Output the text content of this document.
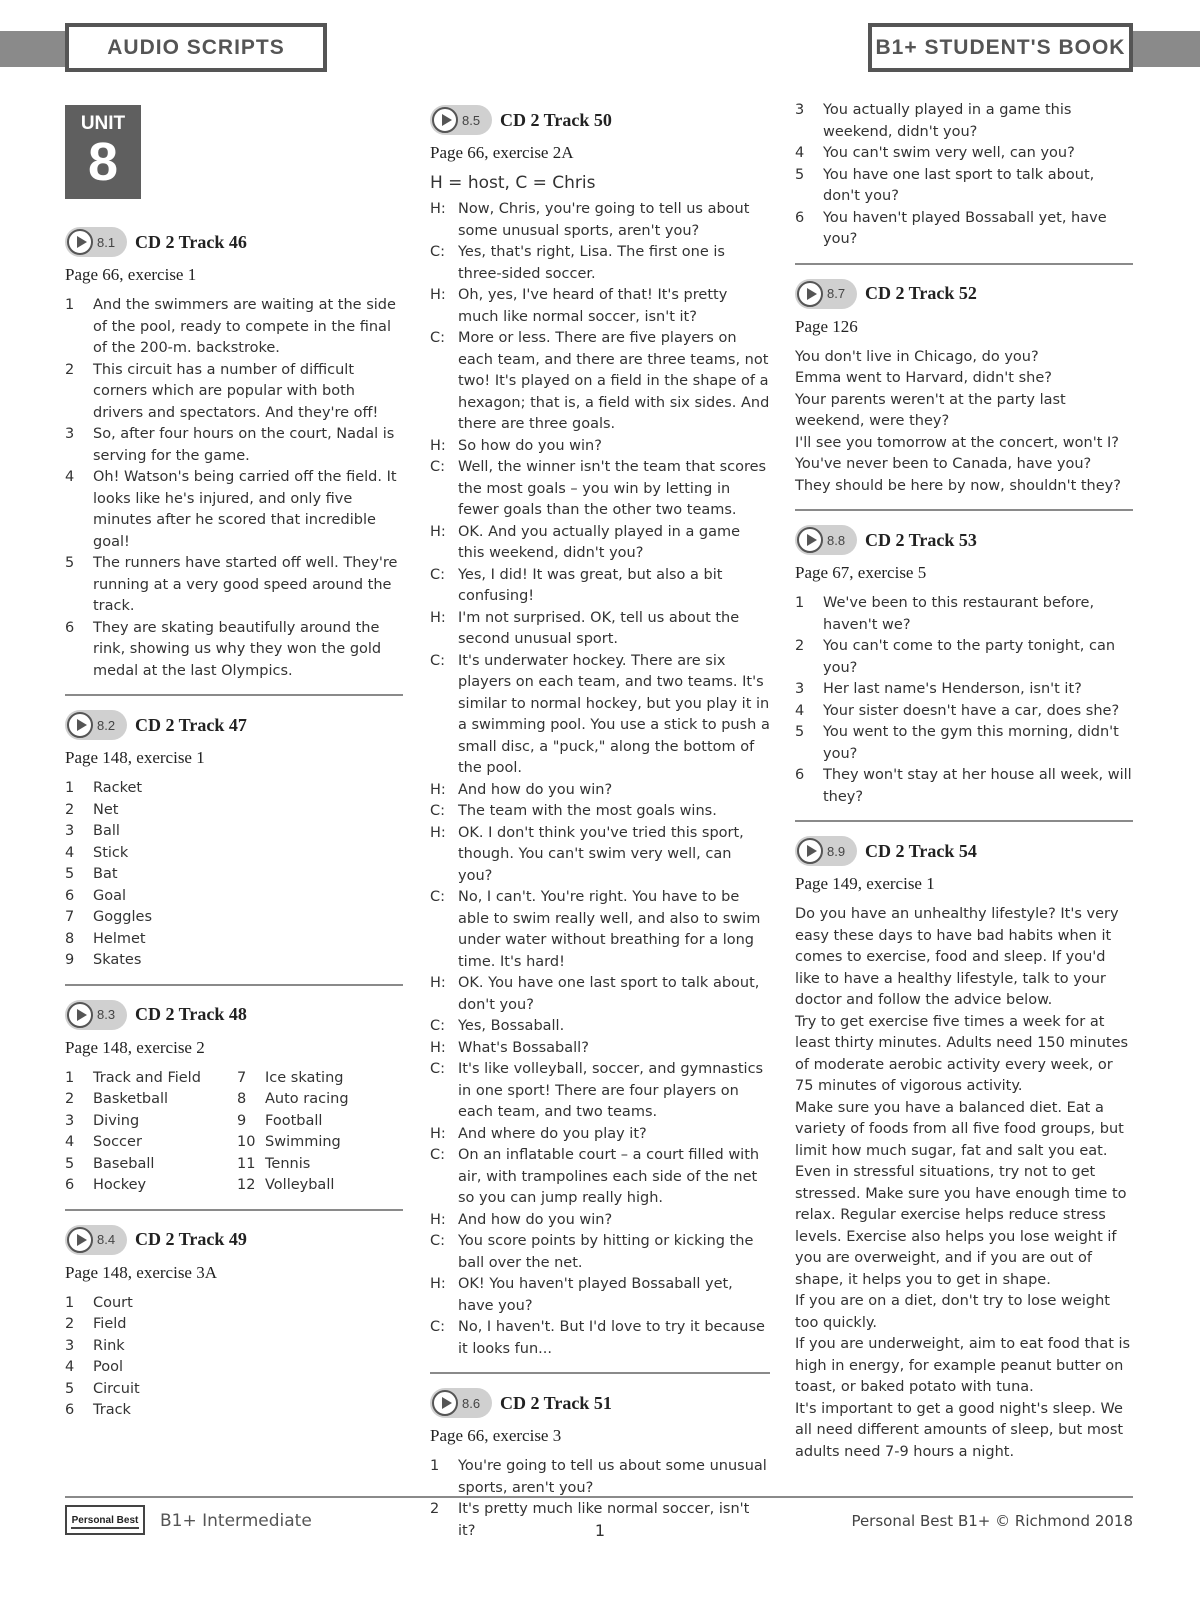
AUDIO SCRIPTS	B1+ STUDENT'S BOOK
UNIT
8
8.1 CD 2 Track 46
Page 66, exercise 1
1	And the swimmers are waiting at the side of the pool, ready to compete in the final of the 200-m. backstroke.
2	This circuit has a number of difficult corners which are popular with both drivers and spectators. And they're off!
3	So, after four hours on the court, Nadal is serving for the game.
4	Oh! Watson's being carried off the field. It looks like he's injured, and only five minutes after he scored that incredible goal!
5	The runners have started off well. They're running at a very good speed around the track.
6	They are skating beautifully around the rink, showing us why they won the gold medal at the last Olympics.
8.2 CD 2 Track 47
Page 148, exercise 1
1	Racket
2	Net
3	Ball
4	Stick
5	Bat
6	Goal
7	Goggles
8	Helmet
9	Skates
8.3 CD 2 Track 48
Page 148, exercise 2
1	Track and Field
2	Basketball
3	Diving
4	Soccer
5	Baseball
6	Hockey
7	Ice skating
8	Auto racing
9	Football
10 Swimming
11 Tennis
12 Volleyball
8.4 CD 2 Track 49
Page 148, exercise 3A
1	Court
2	Field
3	Rink
4	Pool
5	Circuit
6	Track
8.5 CD 2 Track 50
Page 66, exercise 2A
H = host, C = Chris
H: Now, Chris, you're going to tell us about some unusual sports, aren't you?
C: Yes, that's right, Lisa. The first one is three-sided soccer.
H: Oh, yes, I've heard of that! It's pretty much like normal soccer, isn't it?
C: More or less. There are five players on each team, and there are three teams, not two! It's played on a field in the shape of a hexagon; that is, a field with six sides. And there are three goals.
H: So how do you win?
C: Well, the winner isn't the team that scores the most goals – you win by letting in fewer goals than the other two teams.
H: OK. And you actually played in a game this weekend, didn't you?
C: Yes, I did! It was great, but also a bit confusing!
H: I'm not surprised. OK, tell us about the second unusual sport.
C: It's underwater hockey. There are six players on each team, and two teams. It's similar to normal hockey, but you play it in a swimming pool. You use a stick to push a small disc, a "puck," along the bottom of the pool.
H: And how do you win?
C: The team with the most goals wins.
H: OK. I don't think you've tried this sport, though. You can't swim very well, can you?
C: No, I can't. You're right. You have to be able to swim really well, and also to swim under water without breathing for a long time. It's hard!
H: OK. You have one last sport to talk about, don't you?
C: Yes, Bossaball.
H: What's Bossaball?
C: It's like volleyball, soccer, and gymnastics in one sport! There are four players on each team, and two teams.
H: And where do you play it?
C: On an inflatable court – a court filled with air, with trampolines each side of the net so you can jump really high.
H: And how do you win?
C: You score points by hitting or kicking the ball over the net.
H: OK! You haven't played Bossaball yet, have you?
C: No, I haven't. But I'd love to try it because it looks fun...
8.6 CD 2 Track 51
Page 66, exercise 3
1	You're going to tell us about some unusual sports, aren't you?
2	It's pretty much like normal soccer, isn't it?
3	You actually played in a game this weekend, didn't you?
4	You can't swim very well, can you?
5	You have one last sport to talk about, don't you?
6	You haven't played Bossaball yet, have you?
8.7 CD 2 Track 52
Page 126

You don't live in Chicago, do you?

Emma went to Harvard, didn't she?

Your parents weren't at the party last weekend, were they?

I'll see you tomorrow at the concert, won't I?

You've never been to Canada, have you?

They should be here by now, shouldn't they?

8.8 CD 2 Track 53
Page 67, exercise 5
1	We've been to this restaurant before, haven't we?
2	You can't come to the party tonight, can you?
3	Her last name's Henderson, isn't it?
4	Your sister doesn't have a car, does she?
5	You went to the gym this morning, didn't you?
6	They won't stay at her house all week, will they?
8.9 CD 2 Track 54
Page 149, exercise 1

Do you have an unhealthy lifestyle? It's very easy these days to have bad habits when it comes to exercise, food and sleep. If you'd like to have a healthy lifestyle, talk to your doctor and follow the advice below.

Try to get exercise five times a week for at least thirty minutes. Adults need 150 minutes of moderate aerobic activity every week, or 75 minutes of vigorous activity.

Make sure you have a balanced diet. Eat a variety of foods from all five food groups, but limit how much sugar, fat and salt you eat.

Even in stressful situations, try not to get stressed. Make sure you have enough time to relax. Regular exercise helps reduce stress levels. Exercise also helps you lose weight if you are overweight, and if you are out of shape, it helps you to get in shape.

If you are on a diet, don't try to lose weight too quickly.

If you are underweight, aim to eat food that is high in energy, for example peanut butter on toast, or baked potato with tuna.

It's important to get a good night's sleep. We all need different amounts of sleep, but most adults need 7-9 hours a night.

Personal Best	B1+ Intermediate	1	Personal Best B1+ © Richmond 2018
